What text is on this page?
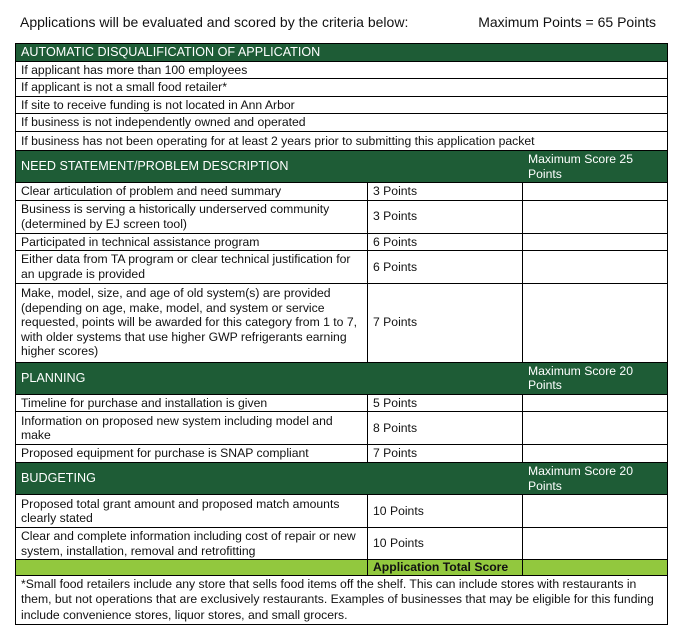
Applications will be evaluated and scored by the criteria below:	Maximum Points = 65 Points
AUTOMATIC DISQUALIFICATION OF APPLICATION		
If applicant has more than 100 employees		
If applicant is not a small food retailer*		
If site to receive funding is not located in Ann Arbor		
If business is not independently owned and operated		
If business has not been operating for at least 2 years prior to submitting this application packet		
NEED STATEMENT/PROBLEM DESCRIPTION		Maximum Score 25 Points
Clear articulation of problem and need summary	3 Points	
Business is serving a historically underserved community (determined by EJ screen tool)	3 Points	
Participated in technical assistance program	6 Points	
Either data from TA program or clear technical justification for an upgrade is provided	6 Points	
Make, model, size, and age of old system(s) are provided (depending on age, make, model, and system or service requested, points will be awarded for this category from 1 to 7, with older systems that use higher GWP refrigerants earning higher scores)	7 Points	
PLANNING		Maximum Score 20 Points
Timeline for purchase and installation is given	5 Points	
Information on proposed new system including model and make	8 Points	
Proposed equipment for purchase is SNAP compliant	7 Points	
BUDGETING		Maximum Score 20 Points
Proposed total grant amount and proposed match amounts clearly stated	10 Points	
Clear and complete information including cost of repair or new system, installation, removal and retrofitting	10 Points	
	Application Total Score	
*Small food retailers include any store that sells food items off the shelf. This can include stores with restaurants in them, but not operations that are exclusively restaurants. Examples of businesses that may be eligible for this funding include convenience stores, liquor stores, and small grocers.		
